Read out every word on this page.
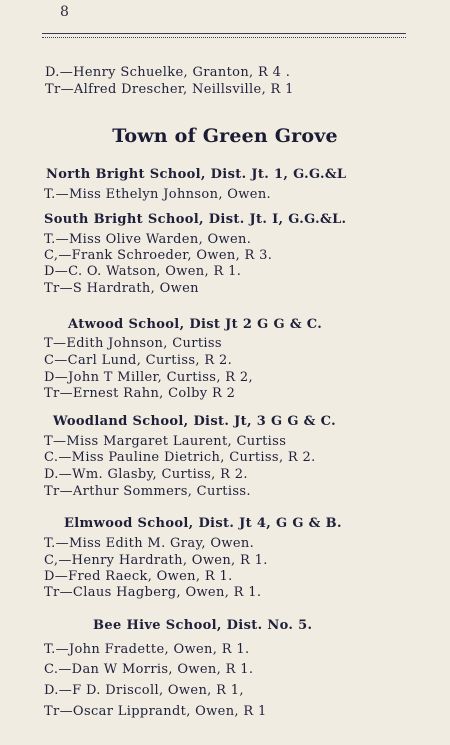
8
D.—Henry Schuelke, Granton, R 4 .
Tr—Alfred Drescher, Neillsville, R 1
Town of Green Grove
North Bright School, Dist. Jt. 1, G.G.&L
T.—Miss Ethelyn Johnson, Owen.
South Bright School, Dist. Jt. I, G.G.&L.
T.—Miss Olive Warden, Owen.
C,—Frank Schroeder, Owen, R 3.
D—C. O. Watson, Owen, R 1.
Tr—S Hardrath, Owen
Atwood School, Dist Jt 2 G G & C.
T—Edith Johnson, Curtiss
C—Carl Lund, Curtiss, R 2.
D—John T Miller, Curtiss, R 2,
Tr—Ernest Rahn, Colby R 2
Woodland School, Dist. Jt, 3 G G & C.
T—Miss Margaret Laurent, Curtiss
C.—Miss Pauline Dietrich, Curtiss, R 2.
D.—Wm. Glasby, Curtiss, R 2.
Tr—Arthur Sommers, Curtiss.
Elmwood School, Dist. Jt 4, G G & B.
T.—Miss Edith M. Gray, Owen.
C,—Henry Hardrath, Owen, R 1.
D—Fred Raeck, Owen, R 1.
Tr—Claus Hagberg, Owen, R 1.
Bee Hive School, Dist. No. 5.
T.—John Fradette, Owen, R 1.
C.—Dan W Morris, Owen, R 1.
D.—F D. Driscoll, Owen, R 1,
Tr—Oscar Lipprandt, Owen, R 1
